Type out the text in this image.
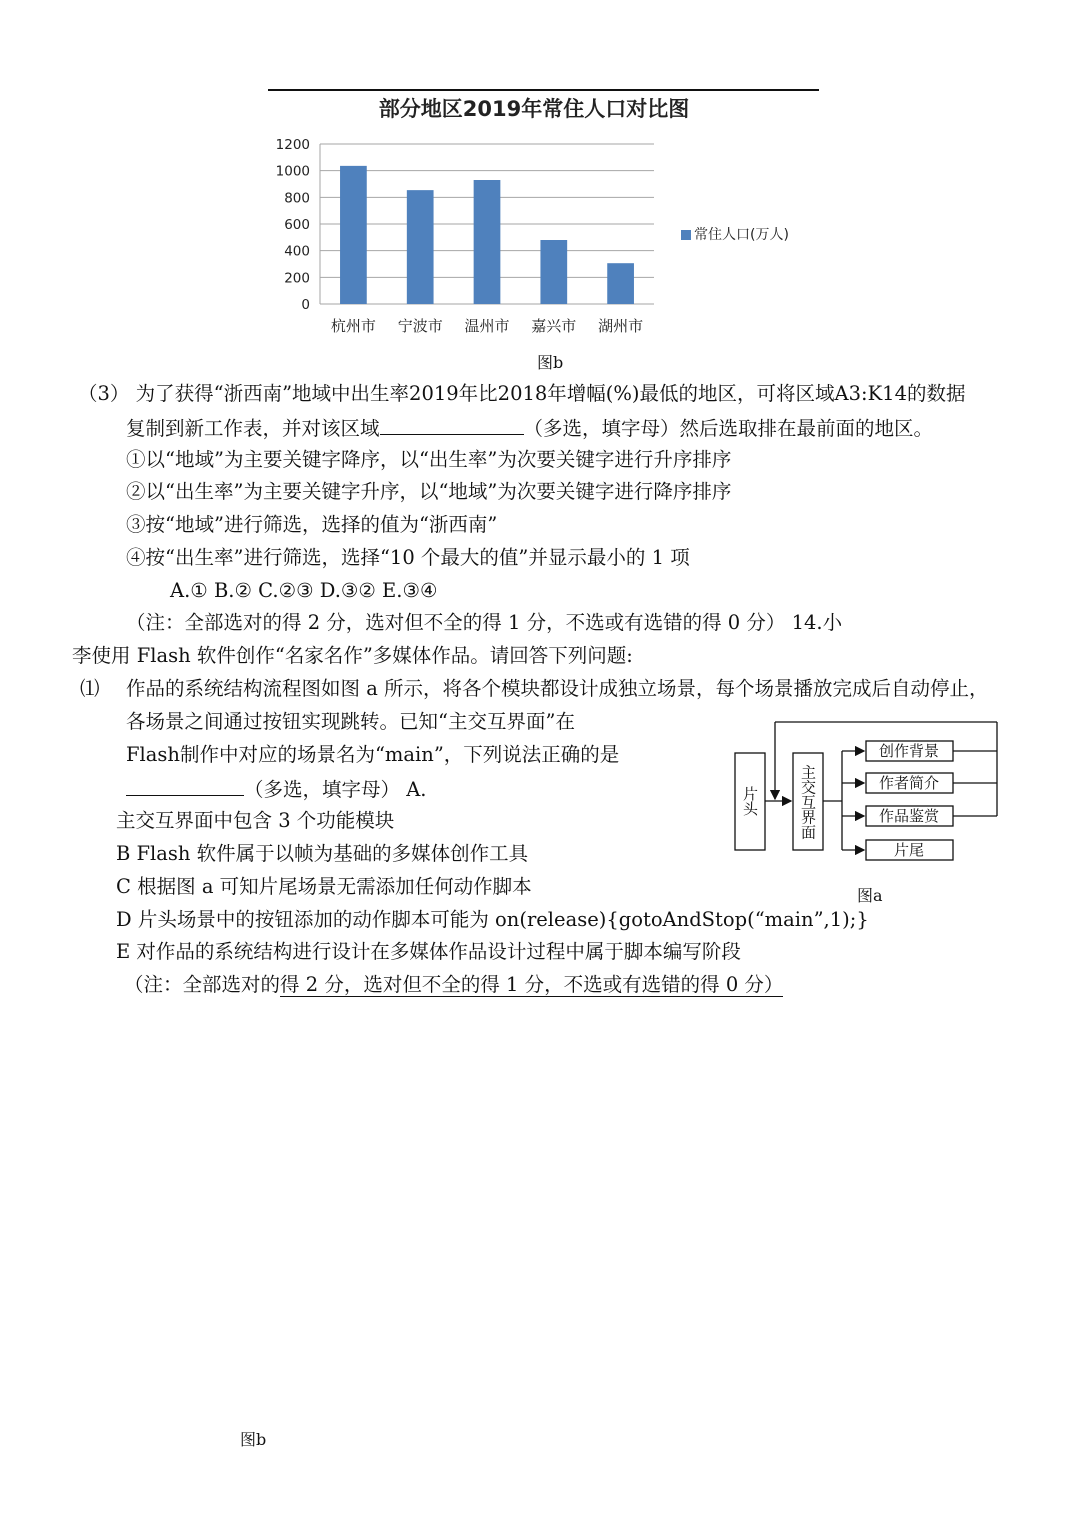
部分地区2019年常住人口对比图
0
200
400
600
800
1000
1200
杭州市 宁波市 温州市 嘉兴市 湖州市
常住人口(万人)
图b
（3） 为了获得“浙西南”地域中出生率2019年比2018年增幅(%)最低的地区，可将区域A3:K14的数据
复制到新工作表，并对该区域	（多选，填字母）然后选取排在最前面的地区。
①以“地域”为主要关键字降序，以“出生率”为次要关键字进行升序排序
②以“出生率”为主要关键字升序，以“地域”为次要关键字进行降序排序
③按“地域”进行筛选，选择的值为“浙西南”
④按“出生率”进行筛选，选择“10 个最大的值”并显示最小的 1 项
A.① B.② C.②③ D.③② E.③④
（注：全部选对的得 2 分，选对但不全的得 1 分，不选或有选错的得 0 分） 14.小
李使用 Flash 软件创作“名家名作”多媒体作品。请回答下列问题:
⑴ 作品的系统结构流程图如图 a 所示，将各个模块都设计成独立场景，每个场景播放完成后自动停止，
各场景之间通过按钮实现跳转。已知“主交互界面”在
Flash制作中对应的场景名为“main”，下列说法正确的是
（多选，填字母） A.
主交互界面中包含 3 个功能模块
B Flash 软件属于以帧为基础的多媒体创作工具
C 根据图 a 可知片尾场景无需添加任何动作脚本
D 片头场景中的按钮添加的动作脚本可能为 on(release){gotoAndStop(“main”,1);}
E 对作品的系统结构进行设计在多媒体作品设计过程中属于脚本编写阶段
（注：全部选对的得 2 分，选对但不全的得 1 分，不选或有选错的得 0 分）
片头	主交互界面
创作背景
作者简介
作品鉴赏
片尾
图a
图b
